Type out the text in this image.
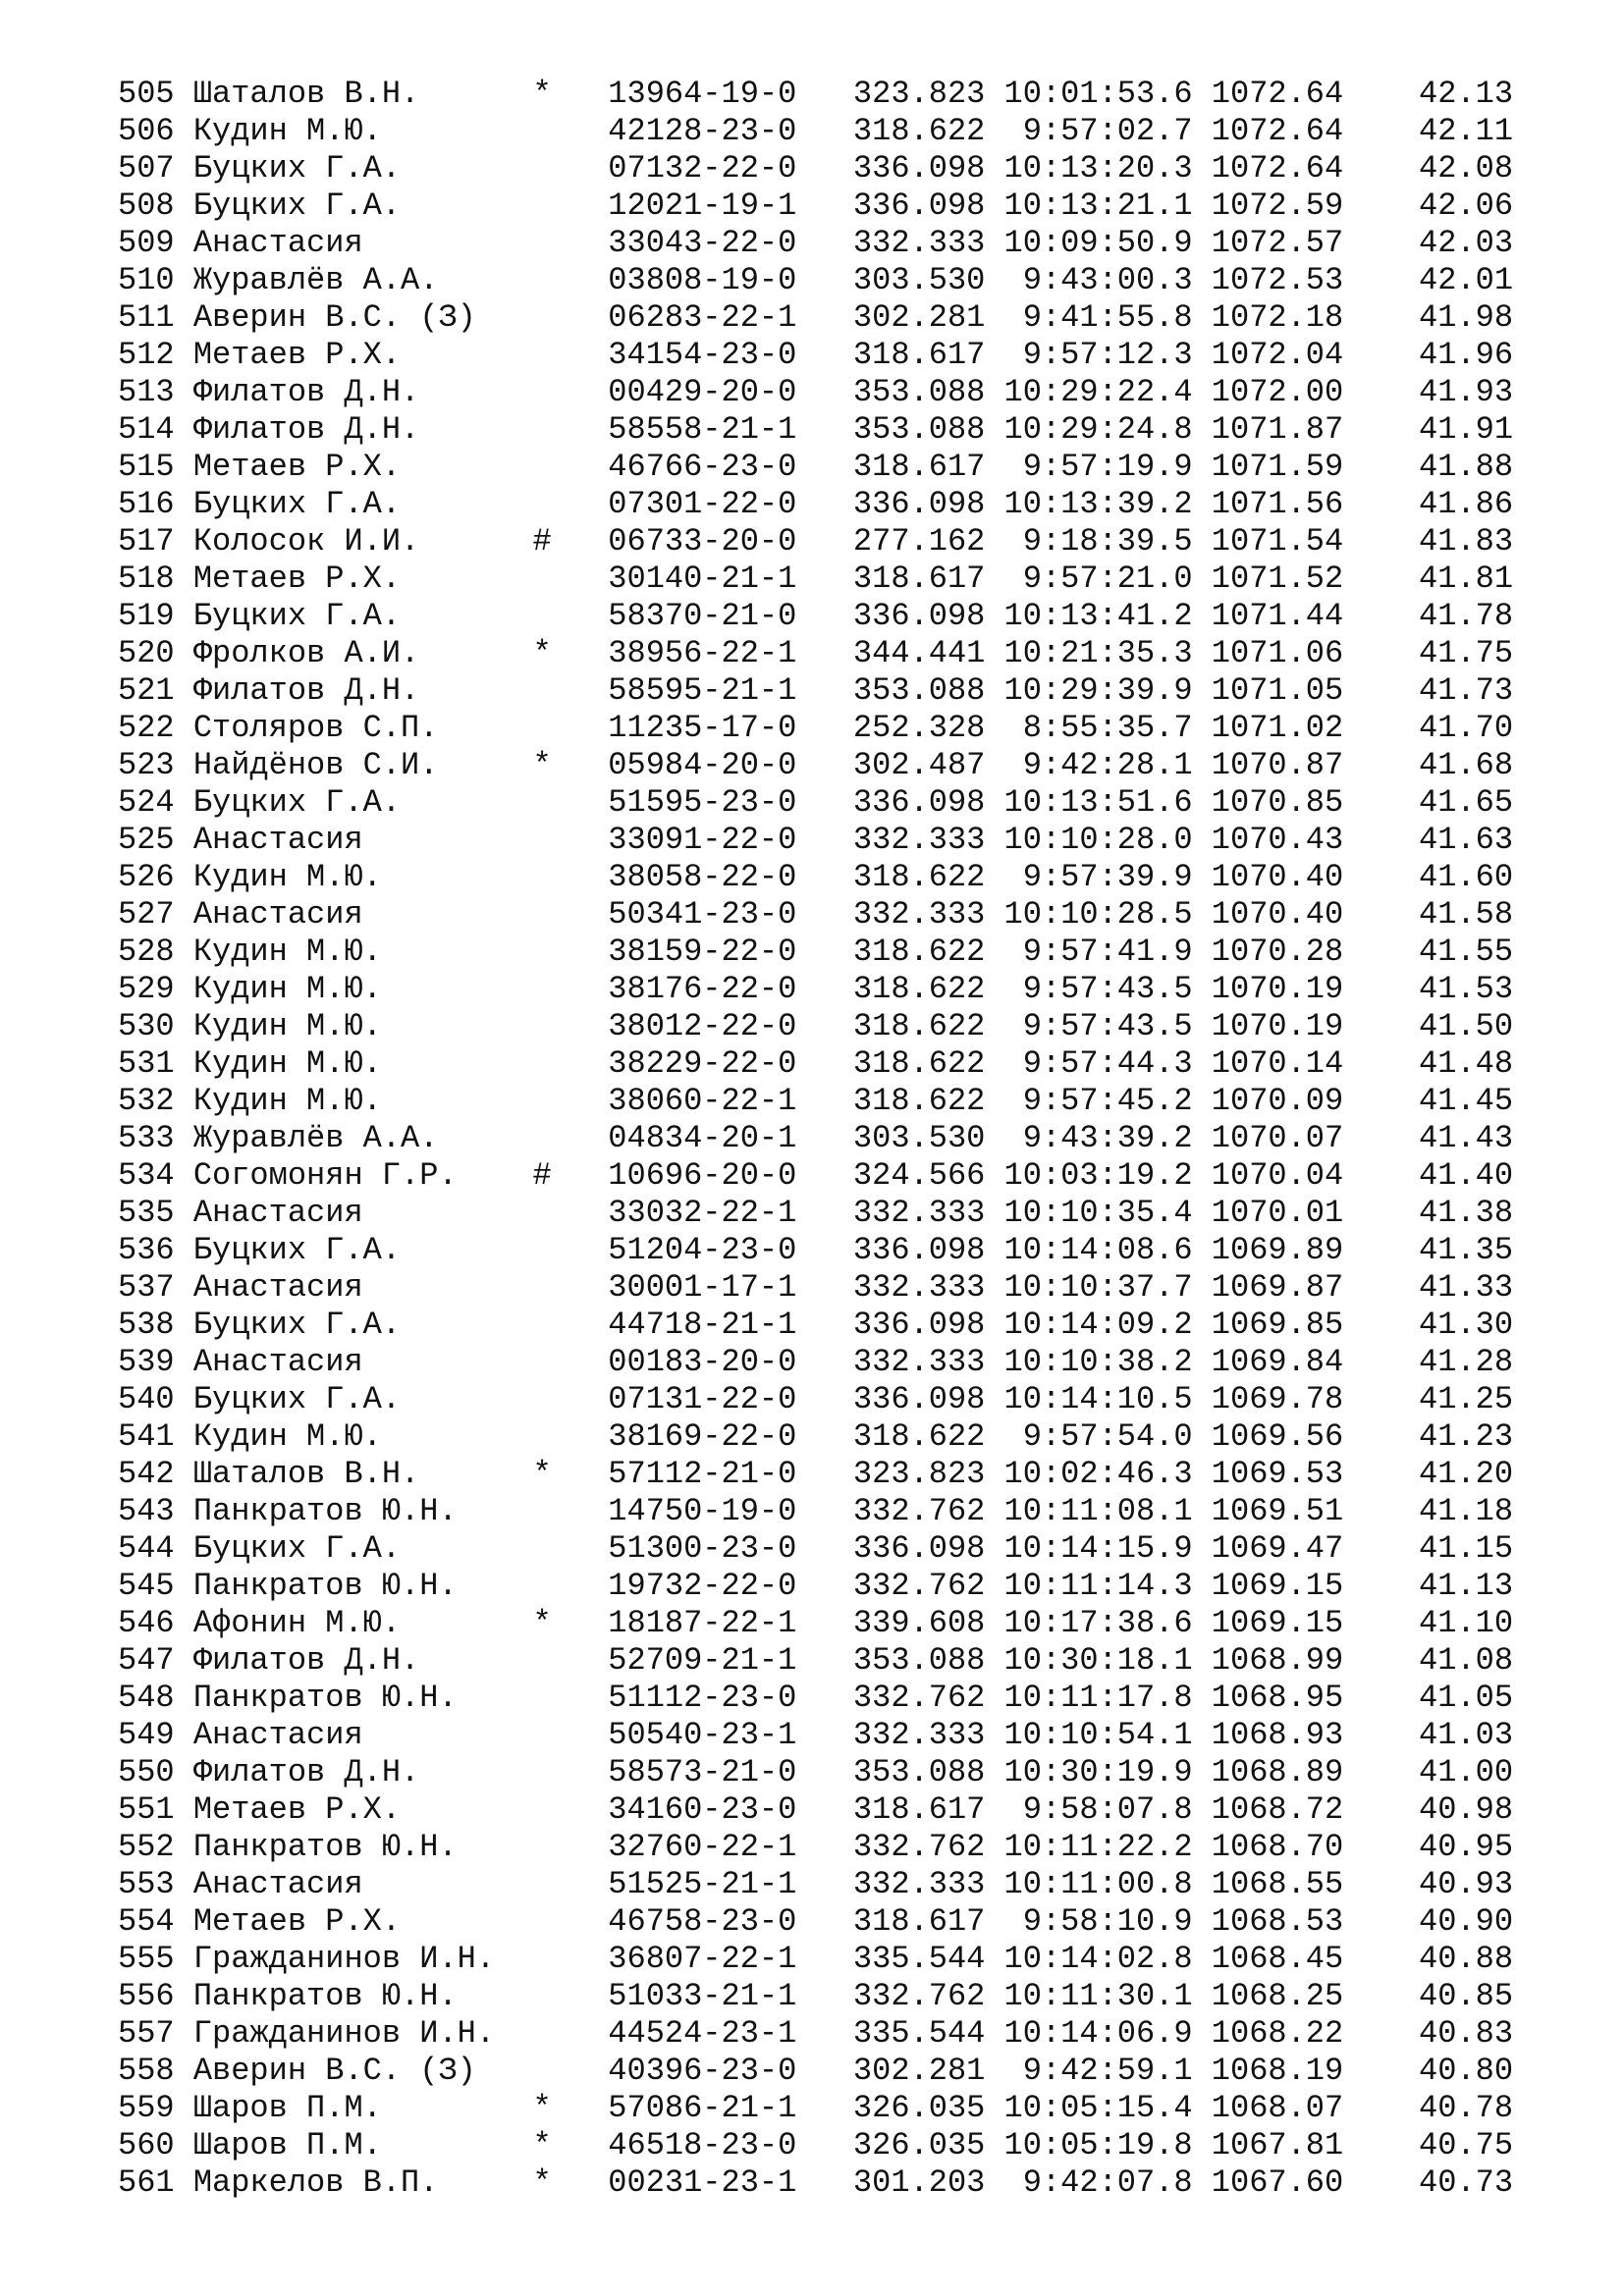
505 Шаталов В.Н.      *   13964-19-0   323.823 10:01:53.6 1072.64    42.13
506 Кудин М.Ю.            42128-23-0   318.622  9:57:02.7 1072.64    42.11
507 Буцких Г.А.           07132-22-0   336.098 10:13:20.3 1072.64    42.08
508 Буцких Г.А.           12021-19-1   336.098 10:13:21.1 1072.59    42.06
509 Анастасия             33043-22-0   332.333 10:09:50.9 1072.57    42.03
510 Журавлёв А.А.         03808-19-0   303.530  9:43:00.3 1072.53    42.01
511 Аверин В.С. (З)       06283-22-1   302.281  9:41:55.8 1072.18    41.98
512 Метаев Р.Х.           34154-23-0   318.617  9:57:12.3 1072.04    41.96
513 Филатов Д.Н.          00429-20-0   353.088 10:29:22.4 1072.00    41.93
514 Филатов Д.Н.          58558-21-1   353.088 10:29:24.8 1071.87    41.91
515 Метаев Р.Х.           46766-23-0   318.617  9:57:19.9 1071.59    41.88
516 Буцких Г.А.           07301-22-0   336.098 10:13:39.2 1071.56    41.86
517 Колосок И.И.      #   06733-20-0   277.162  9:18:39.5 1071.54    41.83
518 Метаев Р.Х.           30140-21-1   318.617  9:57:21.0 1071.52    41.81
519 Буцких Г.А.           58370-21-0   336.098 10:13:41.2 1071.44    41.78
520 Фролков А.И.      *   38956-22-1   344.441 10:21:35.3 1071.06    41.75
521 Филатов Д.Н.          58595-21-1   353.088 10:29:39.9 1071.05    41.73
522 Столяров С.П.         11235-17-0   252.328  8:55:35.7 1071.02    41.70
523 Найдёнов С.И.     *   05984-20-0   302.487  9:42:28.1 1070.87    41.68
524 Буцких Г.А.           51595-23-0   336.098 10:13:51.6 1070.85    41.65
525 Анастасия             33091-22-0   332.333 10:10:28.0 1070.43    41.63
526 Кудин М.Ю.            38058-22-0   318.622  9:57:39.9 1070.40    41.60
527 Анастасия             50341-23-0   332.333 10:10:28.5 1070.40    41.58
528 Кудин М.Ю.            38159-22-0   318.622  9:57:41.9 1070.28    41.55
529 Кудин М.Ю.            38176-22-0   318.622  9:57:43.5 1070.19    41.53
530 Кудин М.Ю.            38012-22-0   318.622  9:57:43.5 1070.19    41.50
531 Кудин М.Ю.            38229-22-0   318.622  9:57:44.3 1070.14    41.48
532 Кудин М.Ю.            38060-22-1   318.622  9:57:45.2 1070.09    41.45
533 Журавлёв А.А.         04834-20-1   303.530  9:43:39.2 1070.07    41.43
534 Согомонян Г.Р.    #   10696-20-0   324.566 10:03:19.2 1070.04    41.40
535 Анастасия             33032-22-1   332.333 10:10:35.4 1070.01    41.38
536 Буцких Г.А.           51204-23-0   336.098 10:14:08.6 1069.89    41.35
537 Анастасия             30001-17-1   332.333 10:10:37.7 1069.87    41.33
538 Буцких Г.А.           44718-21-1   336.098 10:14:09.2 1069.85    41.30
539 Анастасия             00183-20-0   332.333 10:10:38.2 1069.84    41.28
540 Буцких Г.А.           07131-22-0   336.098 10:14:10.5 1069.78    41.25
541 Кудин М.Ю.            38169-22-0   318.622  9:57:54.0 1069.56    41.23
542 Шаталов В.Н.      *   57112-21-0   323.823 10:02:46.3 1069.53    41.20
543 Панкратов Ю.Н.        14750-19-0   332.762 10:11:08.1 1069.51    41.18
544 Буцких Г.А.           51300-23-0   336.098 10:14:15.9 1069.47    41.15
545 Панкратов Ю.Н.        19732-22-0   332.762 10:11:14.3 1069.15    41.13
546 Афонин М.Ю.       *   18187-22-1   339.608 10:17:38.6 1069.15    41.10
547 Филатов Д.Н.          52709-21-1   353.088 10:30:18.1 1068.99    41.08
548 Панкратов Ю.Н.        51112-23-0   332.762 10:11:17.8 1068.95    41.05
549 Анастасия             50540-23-1   332.333 10:10:54.1 1068.93    41.03
550 Филатов Д.Н.          58573-21-0   353.088 10:30:19.9 1068.89    41.00
551 Метаев Р.Х.           34160-23-0   318.617  9:58:07.8 1068.72    40.98
552 Панкратов Ю.Н.        32760-22-1   332.762 10:11:22.2 1068.70    40.95
553 Анастасия             51525-21-1   332.333 10:11:00.8 1068.55    40.93
554 Метаев Р.Х.           46758-23-0   318.617  9:58:10.9 1068.53    40.90
555 Гражданинов И.Н.      36807-22-1   335.544 10:14:02.8 1068.45    40.88
556 Панкратов Ю.Н.        51033-21-1   332.762 10:11:30.1 1068.25    40.85
557 Гражданинов И.Н.      44524-23-1   335.544 10:14:06.9 1068.22    40.83
558 Аверин В.С. (З)       40396-23-0   302.281  9:42:59.1 1068.19    40.80
559 Шаров П.М.        *   57086-21-1   326.035 10:05:15.4 1068.07    40.78
560 Шаров П.М.        *   46518-23-0   326.035 10:05:19.8 1067.81    40.75
561 Маркелов В.П.     *   00231-23-1   301.203  9:42:07.8 1067.60    40.73
